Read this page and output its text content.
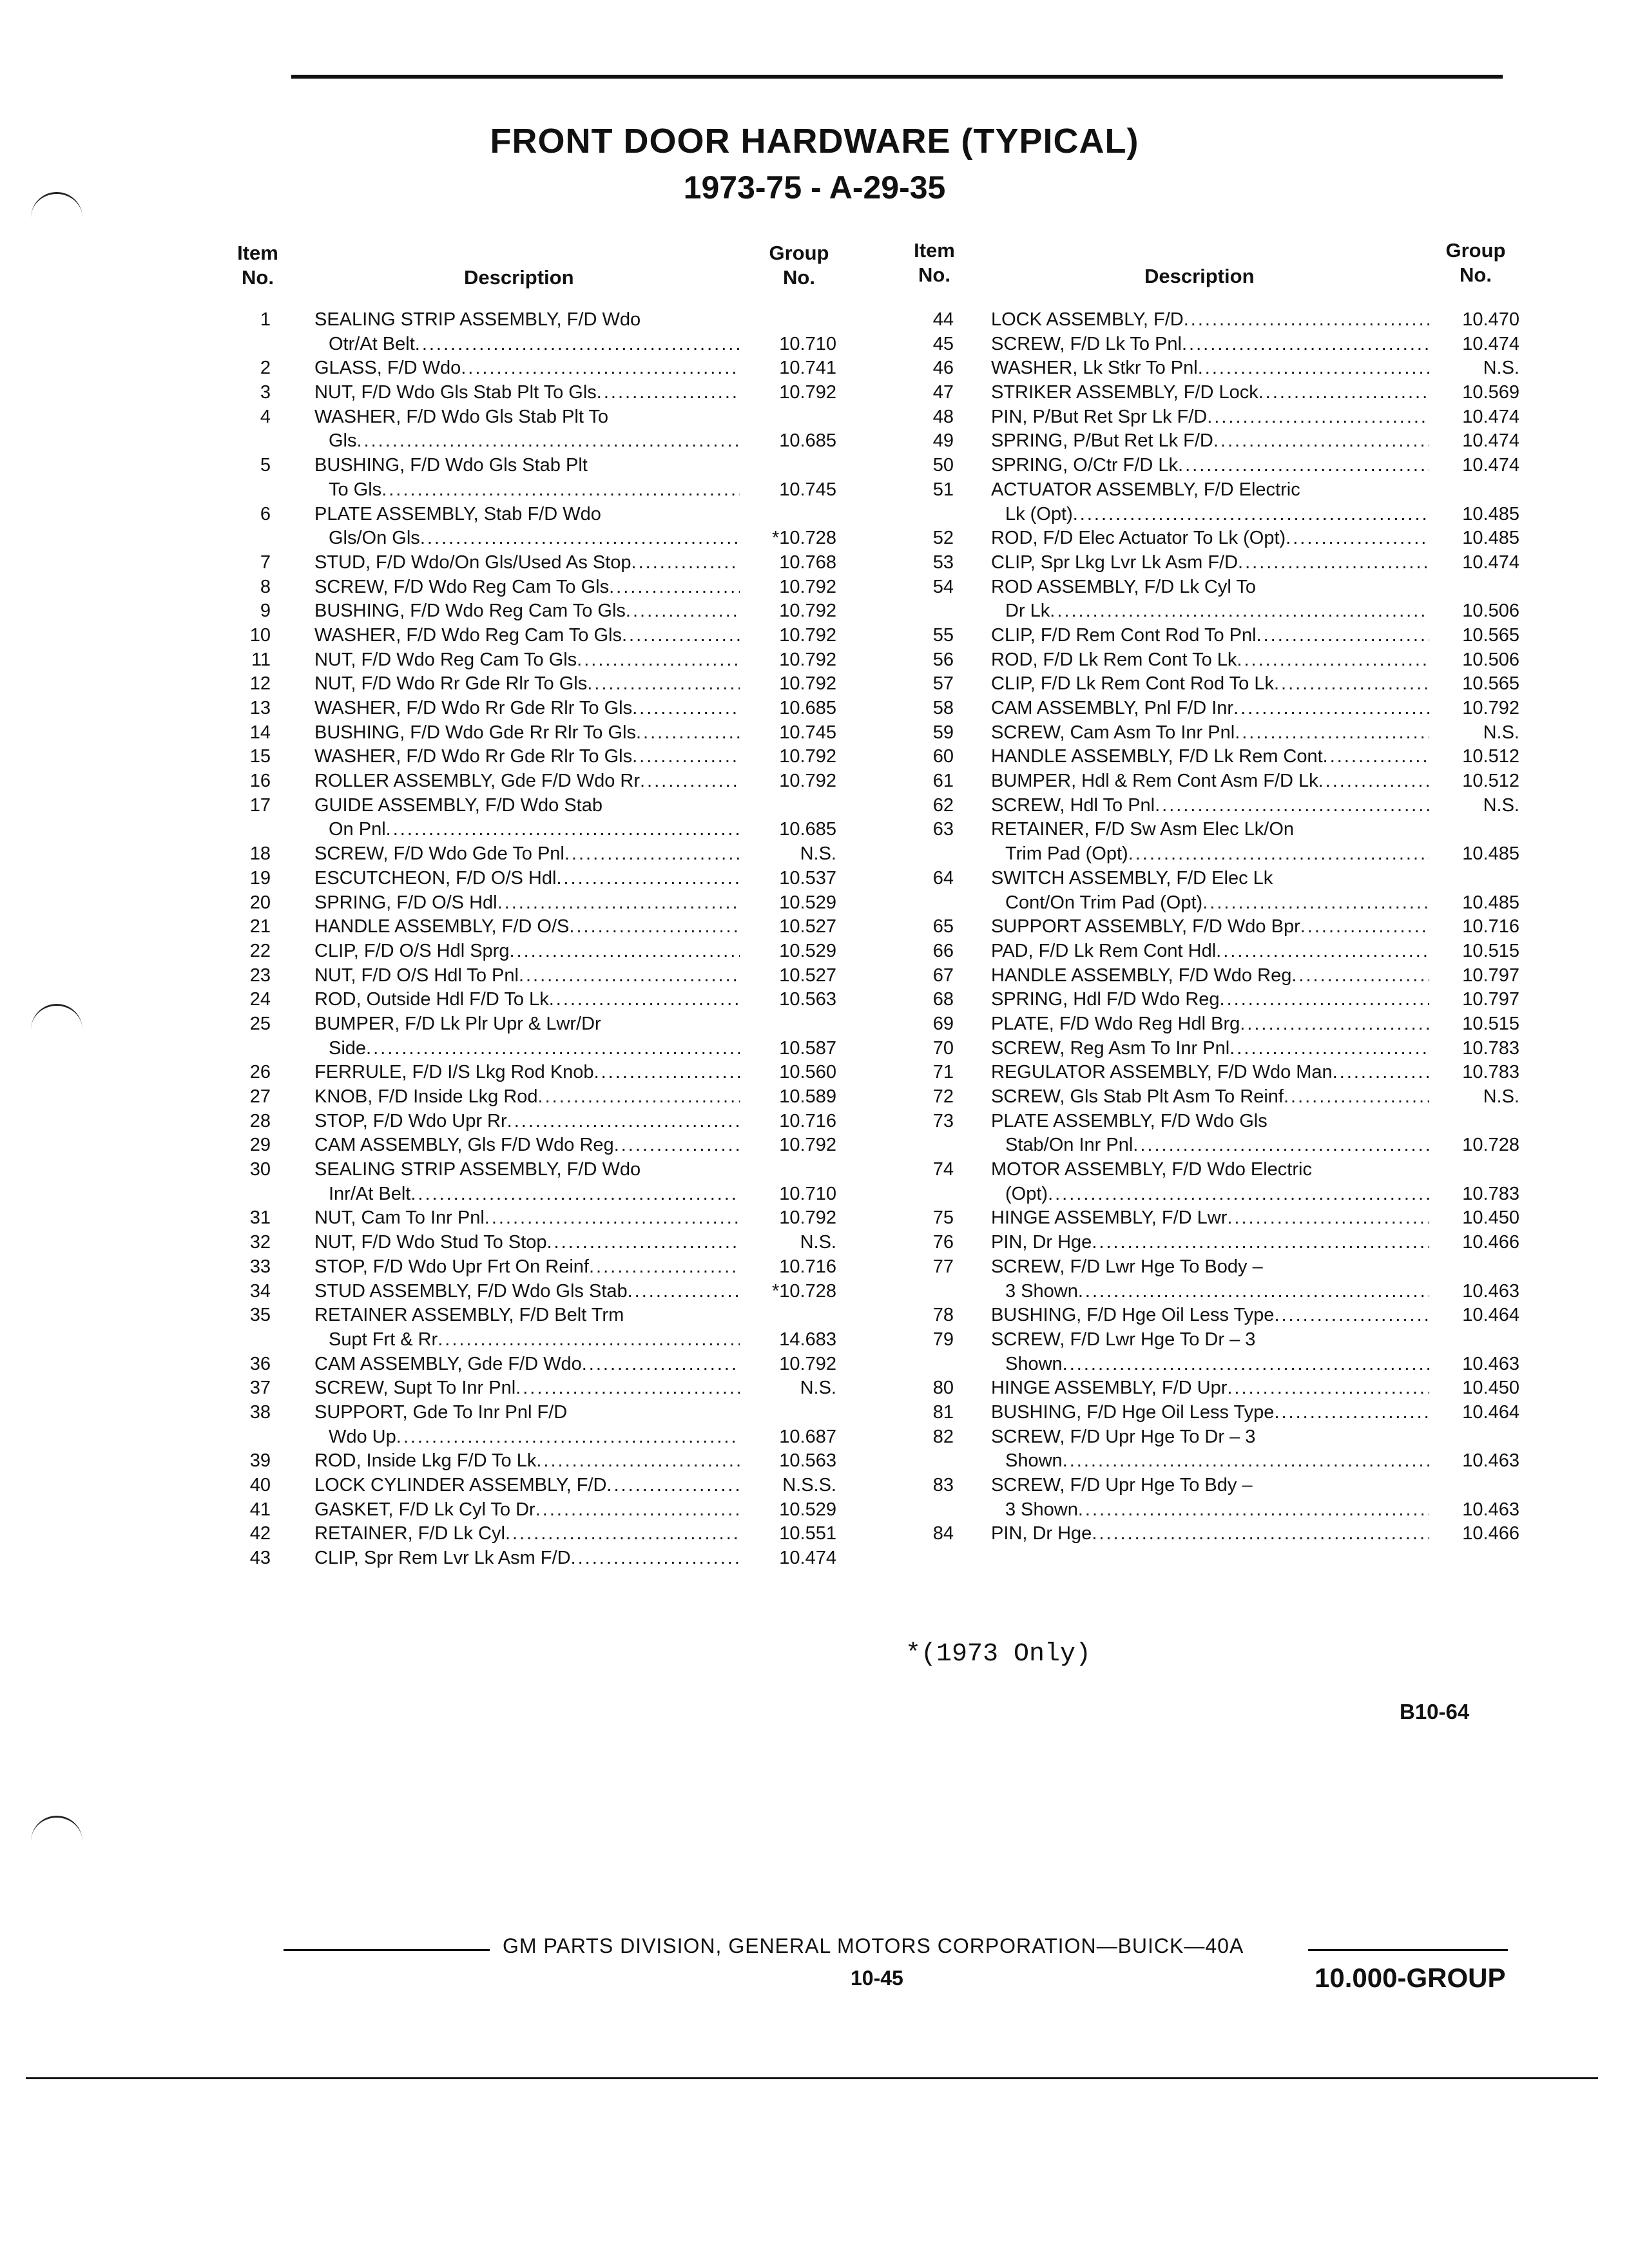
FRONT DOOR HARDWARE (TYPICAL)
1973-75 - A-29-35
Item
No.	Description
Group
No.
Item
No.	Description
Group
No.
1	SEALING STRIP ASSEMBLY, F/D Wdo
Otr/At Belt .....	10.710
2	GLASS, F/D Wdo .....	10.741
3	NUT, F/D Wdo Gls Stab Plt To Gls .....	10.792
4	WASHER, F/D Wdo Gls Stab Plt To
Gls .....	10.685
5	BUSHING, F/D Wdo Gls Stab Plt
To Gls .....	10.745
6	PLATE ASSEMBLY, Stab F/D Wdo
Gls/On Gls .....	*10.728
7	STUD, F/D Wdo/On Gls/Used As Stop .....	10.768
8	SCREW, F/D Wdo Reg Cam To Gls .....	10.792
9	BUSHING, F/D Wdo Reg Cam To Gls .....	10.792
10	WASHER, F/D Wdo Reg Cam To Gls .....	10.792
11	NUT, F/D Wdo Reg Cam To Gls .....	10.792
12	NUT, F/D Wdo Rr Gde Rlr To Gls .....	10.792
13	WASHER, F/D Wdo Rr Gde Rlr To Gls .....	10.685
14	BUSHING, F/D Wdo Gde Rr Rlr To Gls .....	10.745
15	WASHER, F/D Wdo Rr Gde Rlr To Gls .....	10.792
16	ROLLER ASSEMBLY, Gde F/D Wdo Rr .....	10.792
17	GUIDE ASSEMBLY, F/D Wdo Stab
On Pnl .....	10.685
18	SCREW, F/D Wdo Gde To Pnl .....	N.S.
19	ESCUTCHEON, F/D O/S Hdl .....	10.537
20	SPRING, F/D O/S Hdl .....	10.529
21	HANDLE ASSEMBLY, F/D O/S .....	10.527
22	CLIP, F/D O/S Hdl Sprg .....	10.529
23	NUT, F/D O/S Hdl To Pnl .....	10.527
24	ROD, Outside Hdl F/D To Lk .....	10.563
25	BUMPER, F/D Lk Plr Upr & Lwr/Dr
Side .....	10.587
26	FERRULE, F/D I/S Lkg Rod Knob .....	10.560
27	KNOB, F/D Inside Lkg Rod .....	10.589
28	STOP, F/D Wdo Upr Rr .....	10.716
29	CAM ASSEMBLY, Gls F/D Wdo Reg .....	10.792
30	SEALING STRIP ASSEMBLY, F/D Wdo
Inr/At Belt .....	10.710
31	NUT, Cam To Inr Pnl .....	10.792
32	NUT, F/D Wdo Stud To Stop .....	N.S.
33	STOP, F/D Wdo Upr Frt On Reinf .....	10.716
34	STUD ASSEMBLY, F/D Wdo Gls Stab .....	*10.728
35	RETAINER ASSEMBLY, F/D Belt Trm
Supt Frt & Rr .....	14.683
36	CAM ASSEMBLY, Gde F/D Wdo .....	10.792
37	SCREW, Supt To Inr Pnl .....	N.S.
38	SUPPORT, Gde To Inr Pnl F/D
Wdo Up .....	10.687
39	ROD, Inside Lkg F/D To Lk .....	10.563
40	LOCK CYLINDER ASSEMBLY, F/D .....	N.S.S.
41	GASKET, F/D Lk Cyl To Dr .....	10.529
42	RETAINER, F/D Lk Cyl .....	10.551
43	CLIP, Spr Rem Lvr Lk Asm F/D .....	10.474
44	LOCK ASSEMBLY, F/D .....	10.470
45	SCREW, F/D Lk To Pnl .....	10.474
46	WASHER, Lk Stkr To Pnl .....	N.S.
47	STRIKER ASSEMBLY, F/D Lock .....	10.569
48	PIN, P/But Ret Spr Lk F/D .....	10.474
49	SPRING, P/But Ret Lk F/D .....	10.474
50	SPRING, O/Ctr F/D Lk .....	10.474
51	ACTUATOR ASSEMBLY, F/D Electric
Lk (Opt) .....	10.485
52	ROD, F/D Elec Actuator To Lk (Opt) .....	10.485
53	CLIP, Spr Lkg Lvr Lk Asm F/D .....	10.474
54	ROD ASSEMBLY, F/D Lk Cyl To
Dr Lk .....	10.506
55	CLIP, F/D Rem Cont Rod To Pnl .....	10.565
56	ROD, F/D Lk Rem Cont To Lk .....	10.506
57	CLIP, F/D Lk Rem Cont Rod To Lk .....	10.565
58	CAM ASSEMBLY, Pnl F/D Inr .....	10.792
59	SCREW, Cam Asm To Inr Pnl .....	N.S.
60	HANDLE ASSEMBLY, F/D Lk Rem Cont .....	10.512
61	BUMPER, Hdl & Rem Cont Asm F/D Lk .....	10.512
62	SCREW, Hdl To Pnl .....	N.S.
63	RETAINER, F/D Sw Asm Elec Lk/On
Trim Pad (Opt) .....	10.485
64	SWITCH ASSEMBLY, F/D Elec Lk
Cont/On Trim Pad (Opt) .....	10.485
65	SUPPORT ASSEMBLY, F/D Wdo Bpr .....	10.716
66	PAD, F/D Lk Rem Cont Hdl .....	10.515
67	HANDLE ASSEMBLY, F/D Wdo Reg .....	10.797
68	SPRING, Hdl F/D Wdo Reg .....	10.797
69	PLATE, F/D Wdo Reg Hdl Brg .....	10.515
70	SCREW, Reg Asm To Inr Pnl .....	10.783
71	REGULATOR ASSEMBLY, F/D Wdo Man .....	10.783
72	SCREW, Gls Stab Plt Asm To Reinf .....	N.S.
73	PLATE ASSEMBLY, F/D Wdo Gls
Stab/On Inr Pnl .....	10.728
74	MOTOR ASSEMBLY, F/D Wdo Electric
(Opt) .....	10.783
75	HINGE ASSEMBLY, F/D Lwr .....	10.450
76	PIN, Dr Hge .....	10.466
77	SCREW, F/D Lwr Hge To Body –
3 Shown .....	10.463
78	BUSHING, F/D Hge Oil Less Type .....	10.464
79	SCREW, F/D Lwr Hge To Dr – 3
Shown .....	10.463
80	HINGE ASSEMBLY, F/D Upr .....	10.450
81	BUSHING, F/D Hge Oil Less Type .....	10.464
82	SCREW, F/D Upr Hge To Dr – 3
Shown .....	10.463
83	SCREW, F/D Upr Hge To Bdy –
3 Shown .....	10.463
84	PIN, Dr Hge .....	10.466
*(1973 Only)
B10-64
GM PARTS DIVISION, GENERAL MOTORS CORPORATION—BUICK—40A
10-45	10.000-GROUP
